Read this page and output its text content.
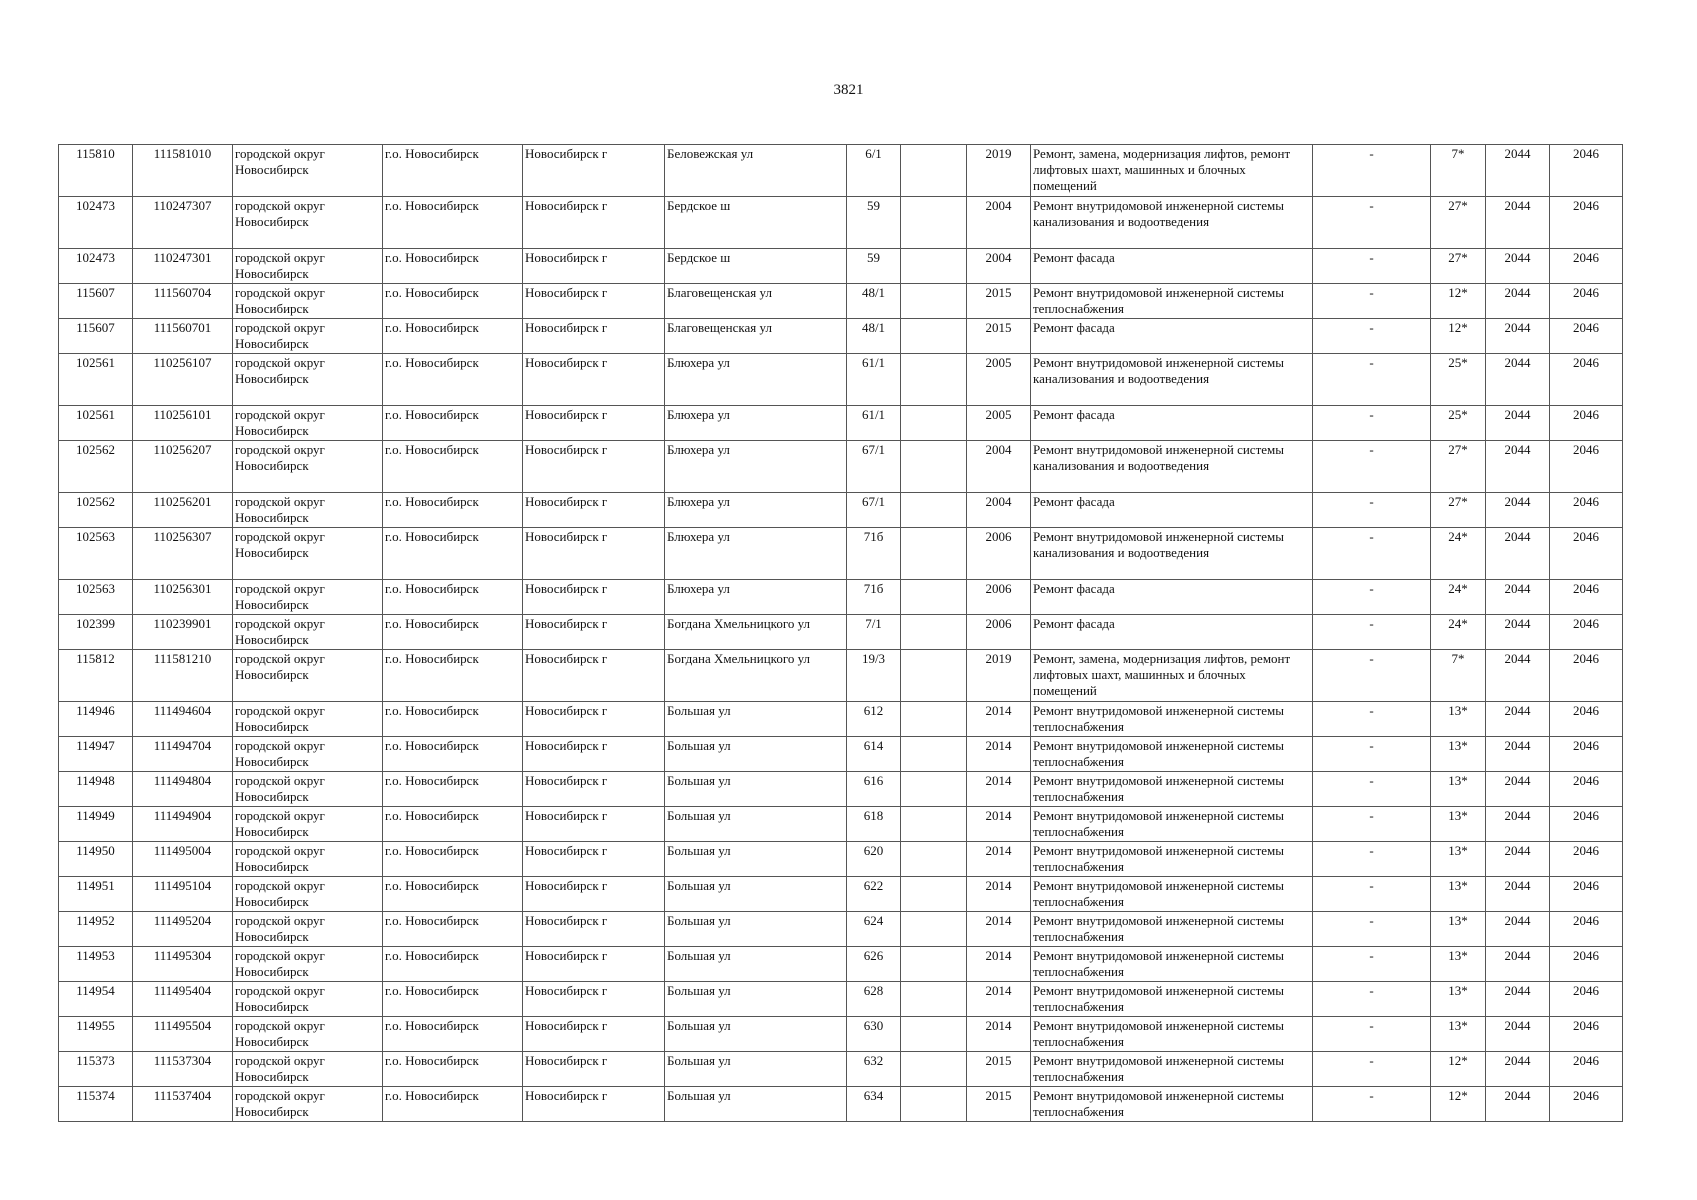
3821
115810	111581010	городской округ Новосибирск	г.о. Новосибирск	Новосибирск г	Беловежская ул	6/1		2019	Ремонт, замена, модернизация лифтов, ремонт лифтовых шахт, машинных и блочных помещений	-	7*	2044	2046
102473	110247307	городской округ Новосибирск	г.о. Новосибирск	Новосибирск г	Бердское ш	59		2004	Ремонт внутридомовой инженерной системы канализования и водоотведения	-	27*	2044	2046
102473	110247301	городской округ Новосибирск	г.о. Новосибирск	Новосибирск г	Бердское ш	59		2004	Ремонт фасада	-	27*	2044	2046
115607	111560704	городской округ Новосибирск	г.о. Новосибирск	Новосибирск г	Благовещенская ул	48/1		2015	Ремонт внутридомовой инженерной системы теплоснабжения	-	12*	2044	2046
115607	111560701	городской округ Новосибирск	г.о. Новосибирск	Новосибирск г	Благовещенская ул	48/1		2015	Ремонт фасада	-	12*	2044	2046
102561	110256107	городской округ Новосибирск	г.о. Новосибирск	Новосибирск г	Блюхера ул	61/1		2005	Ремонт внутридомовой инженерной системы канализования и водоотведения	-	25*	2044	2046
102561	110256101	городской округ Новосибирск	г.о. Новосибирск	Новосибирск г	Блюхера ул	61/1		2005	Ремонт фасада	-	25*	2044	2046
102562	110256207	городской округ Новосибирск	г.о. Новосибирск	Новосибирск г	Блюхера ул	67/1		2004	Ремонт внутридомовой инженерной системы канализования и водоотведения	-	27*	2044	2046
102562	110256201	городской округ Новосибирск	г.о. Новосибирск	Новосибирск г	Блюхера ул	67/1		2004	Ремонт фасада	-	27*	2044	2046
102563	110256307	городской округ Новосибирск	г.о. Новосибирск	Новосибирск г	Блюхера ул	71б		2006	Ремонт внутридомовой инженерной системы канализования и водоотведения	-	24*	2044	2046
102563	110256301	городской округ Новосибирск	г.о. Новосибирск	Новосибирск г	Блюхера ул	71б		2006	Ремонт фасада	-	24*	2044	2046
102399	110239901	городской округ Новосибирск	г.о. Новосибирск	Новосибирск г	Богдана Хмельницкого ул	7/1		2006	Ремонт фасада	-	24*	2044	2046
115812	111581210	городской округ Новосибирск	г.о. Новосибирск	Новосибирск г	Богдана Хмельницкого ул	19/3		2019	Ремонт, замена, модернизация лифтов, ремонт лифтовых шахт, машинных и блочных помещений	-	7*	2044	2046
114946	111494604	городской округ Новосибирск	г.о. Новосибирск	Новосибирск г	Большая ул	612		2014	Ремонт внутридомовой инженерной системы теплоснабжения	-	13*	2044	2046
114947	111494704	городской округ Новосибирск	г.о. Новосибирск	Новосибирск г	Большая ул	614		2014	Ремонт внутридомовой инженерной системы теплоснабжения	-	13*	2044	2046
114948	111494804	городской округ Новосибирск	г.о. Новосибирск	Новосибирск г	Большая ул	616		2014	Ремонт внутридомовой инженерной системы теплоснабжения	-	13*	2044	2046
114949	111494904	городской округ Новосибирск	г.о. Новосибирск	Новосибирск г	Большая ул	618		2014	Ремонт внутридомовой инженерной системы теплоснабжения	-	13*	2044	2046
114950	111495004	городской округ Новосибирск	г.о. Новосибирск	Новосибирск г	Большая ул	620		2014	Ремонт внутридомовой инженерной системы теплоснабжения	-	13*	2044	2046
114951	111495104	городской округ Новосибирск	г.о. Новосибирск	Новосибирск г	Большая ул	622		2014	Ремонт внутридомовой инженерной системы теплоснабжения	-	13*	2044	2046
114952	111495204	городской округ Новосибирск	г.о. Новосибирск	Новосибирск г	Большая ул	624		2014	Ремонт внутридомовой инженерной системы теплоснабжения	-	13*	2044	2046
114953	111495304	городской округ Новосибирск	г.о. Новосибирск	Новосибирск г	Большая ул	626		2014	Ремонт внутридомовой инженерной системы теплоснабжения	-	13*	2044	2046
114954	111495404	городской округ Новосибирск	г.о. Новосибирск	Новосибирск г	Большая ул	628		2014	Ремонт внутридомовой инженерной системы теплоснабжения	-	13*	2044	2046
114955	111495504	городской округ Новосибирск	г.о. Новосибирск	Новосибирск г	Большая ул	630		2014	Ремонт внутридомовой инженерной системы теплоснабжения	-	13*	2044	2046
115373	111537304	городской округ Новосибирск	г.о. Новосибирск	Новосибирск г	Большая ул	632		2015	Ремонт внутридомовой инженерной системы теплоснабжения	-	12*	2044	2046
115374	111537404	городской округ Новосибирск	г.о. Новосибирск	Новосибирск г	Большая ул	634		2015	Ремонт внутридомовой инженерной системы теплоснабжения	-	12*	2044	2046
